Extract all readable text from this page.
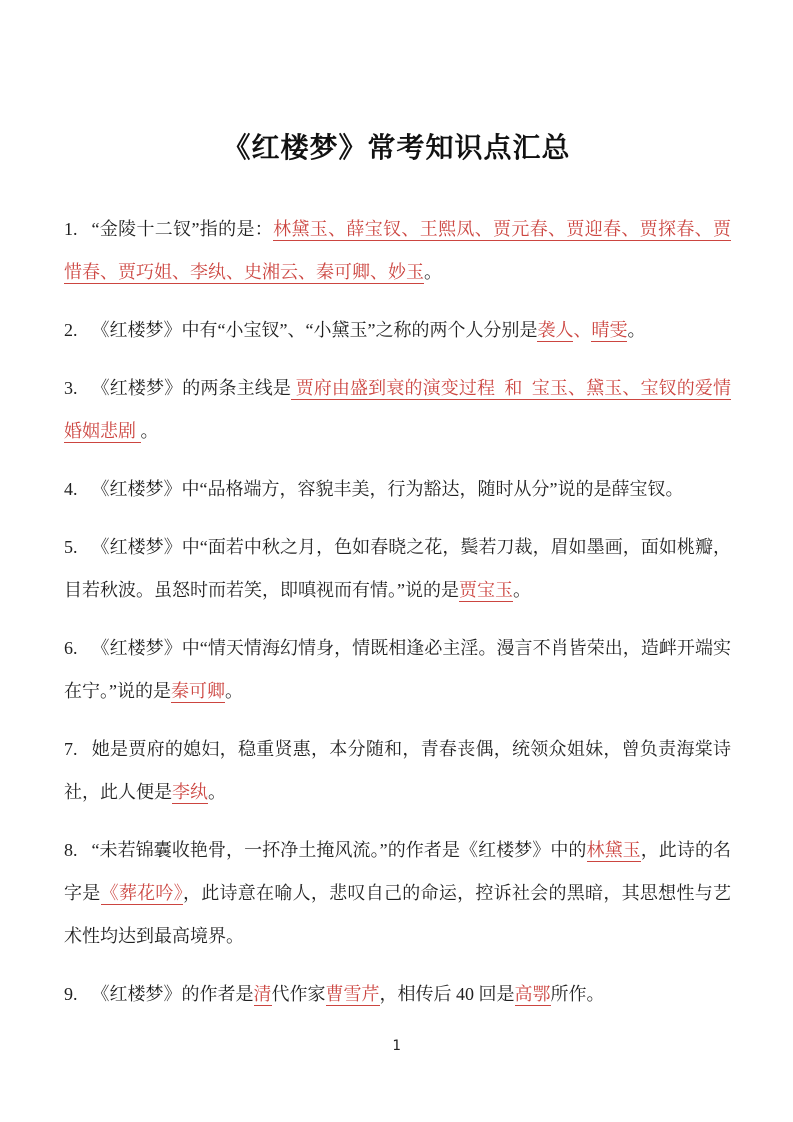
《红楼梦》常考知识点汇总

1. “金陵十二钗”指的是：林黛玉、薛宝钗、王熙凤、贾元春、贾迎春、贾探春、贾惜春、贾巧姐、李纨、史湘云、秦可卿、妙玉。

2. 《红楼梦》中有“小宝钗”、“小黛玉”之称的两个人分别是袭人、晴雯。

3. 《红楼梦》的两条主线是 贾府由盛到衰的演变过程  和  宝玉、黛玉、宝钗的爱情婚姻悲剧 。

4. 《红楼梦》中“品格端方，容貌丰美，行为豁达，随时从分”说的是薛宝钗。

5. 《红楼梦》中“面若中秋之月，色如春晓之花，鬓若刀裁，眉如墨画，面如桃瓣，目若秋波。虽怒时而若笑，即嗔视而有情。”说的是贾宝玉。

6. 《红楼梦》中“情天情海幻情身，情既相逢必主淫。漫言不肖皆荣出，造衅开端实在宁。”说的是秦可卿。

7. 她是贾府的媳妇，稳重贤惠，本分随和，青春丧偶，统领众姐妹，曾负责海棠诗社，此人便是李纨。

8. “未若锦囊收艳骨，一抔净土掩风流。”的作者是《红楼梦》中的林黛玉，此诗的名字是《葬花吟》，此诗意在喻人，悲叹自己的命运，控诉社会的黑暗，其思想性与艺术性均达到最高境界。

9. 《红楼梦》的作者是清代作家曹雪芹，相传后 40 回是高鄂所作。

1
